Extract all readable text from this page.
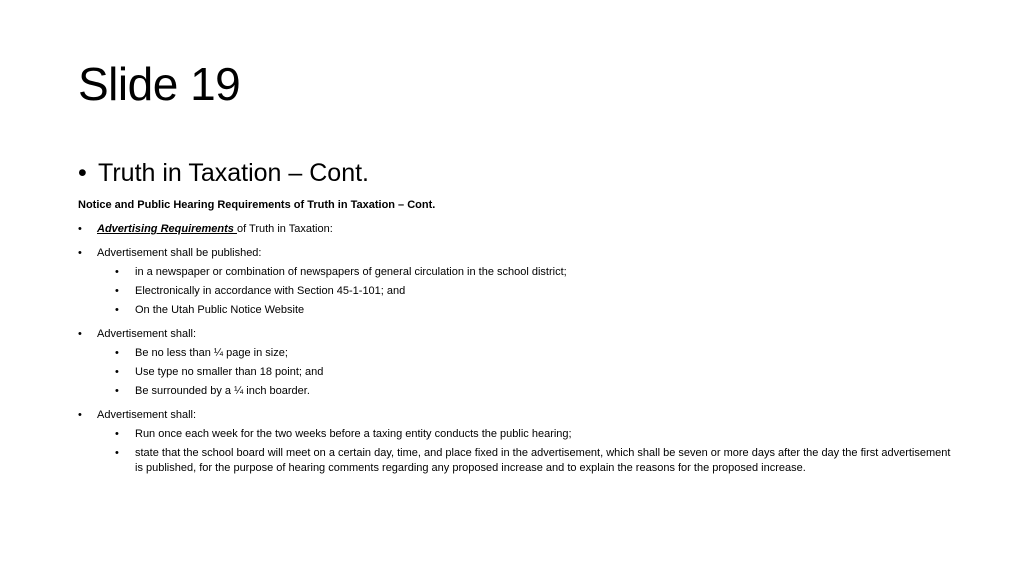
Slide 19
• Truth in Taxation – Cont.
Notice and Public Hearing Requirements of Truth in Taxation – Cont.
• Advertising Requirements of Truth in Taxation:
• Advertisement shall be published:
• in a newspaper or combination of newspapers of general circulation in the school district;
• Electronically in accordance with Section 45-1-101; and
• On the Utah Public Notice Website
• Advertisement shall:
• Be no less than ¼ page in size;
• Use type no smaller than 18 point; and
• Be surrounded by a ¼ inch boarder.
• Advertisement shall:
• Run once each week for the two weeks before a taxing entity conducts the public hearing;
• state that the school board will meet on a certain day, time, and place fixed in the advertisement, which shall be seven or more days after the day the first advertisement is published, for the purpose of hearing comments regarding any proposed increase and to explain the reasons for the proposed increase.
